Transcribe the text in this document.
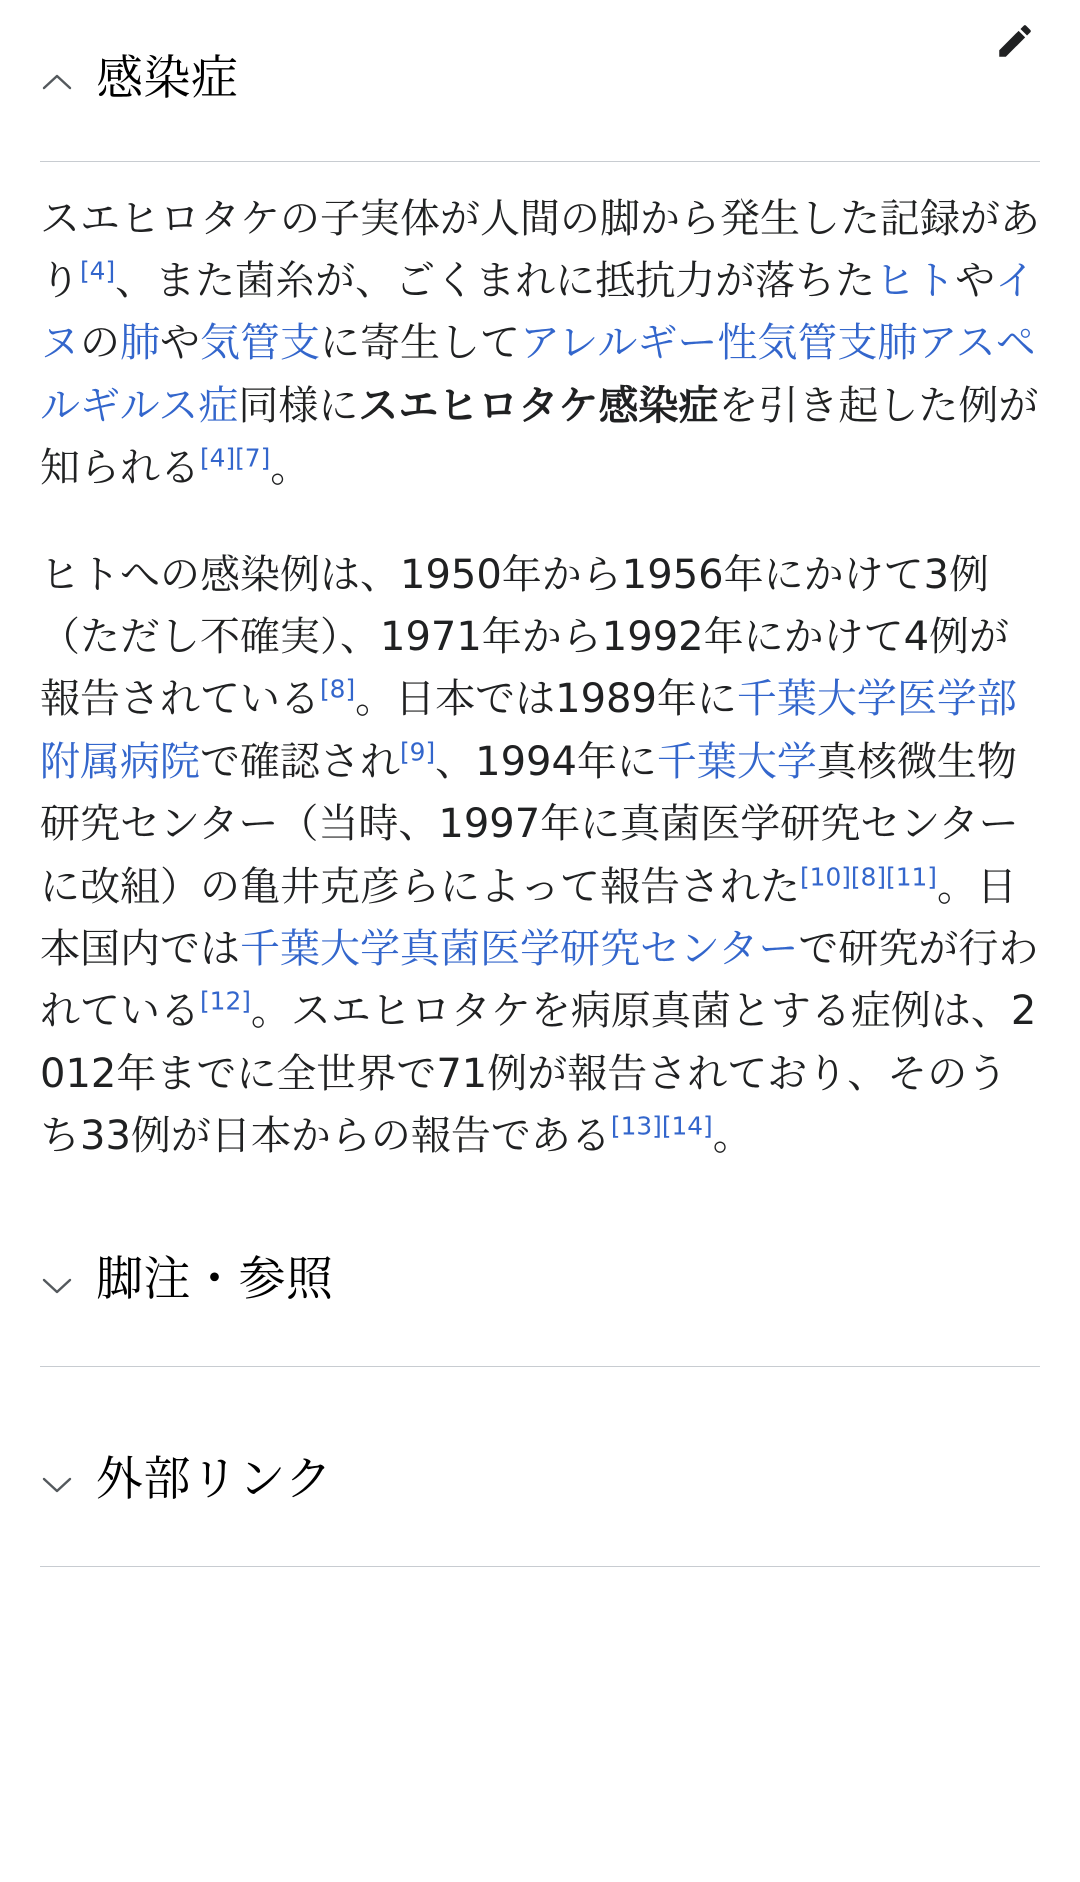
感染症

スエヒロタケの子実体が人間の脚から発生した記録があり[4]、また菌糸が、ごくまれに抵抗力が落ちたヒトやイヌの肺や気管支に寄生してアレルギー性気管支肺アスペルギルス症同様にスエヒロタケ感染症を引き起した例が知られる[4][7]。

ヒトへの感染例は、1950年から1956年にかけて3例（ただし不確実）、1971年から1992年にかけて4例が報告されている[8]。日本では1989年に千葉大学医学部附属病院で確認され[9]、1994年に千葉大学真核微生物研究センター（当時、1997年に真菌医学研究センターに改組）の亀井克彦らによって報告された[10][8][11]。日本国内では千葉大学真菌医学研究センターで研究が行われている[12]。スエヒロタケを病原真菌とする症例は、2012年までに全世界で71例が報告されており、そのうち33例が日本からの報告である[13][14]。

脚注・参照
外部リンク
